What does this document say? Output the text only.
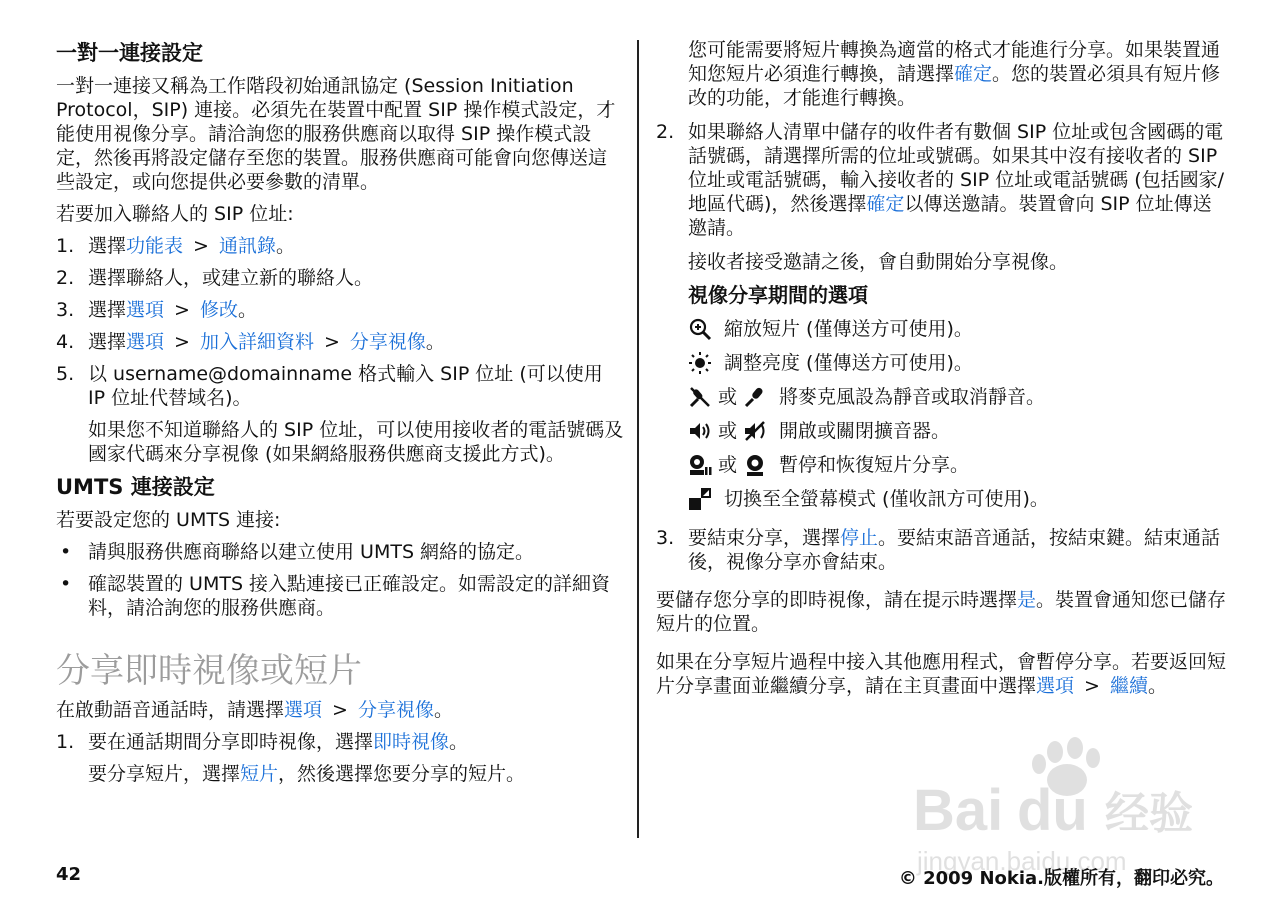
一對一連接設定

一對一連接又稱為工作階段初始通訊協定 (Session Initiation Protocol，SIP) 連接。必須先在裝置中配置 SIP 操作模式設定，才能使用視像分享。請洽詢您的服務供應商以取得 SIP 操作模式設定，然後再將設定儲存至您的裝置。服務供應商可能會向您傳送這些設定，或向您提供必要參數的清單。

若要加入聯絡人的 SIP 位址:

1. 選擇功能表 > 通訊錄。
2. 選擇聯絡人，或建立新的聯絡人。
3. 選擇選項 > 修改。
4. 選擇選項 > 加入詳細資料 > 分享視像。
5. 以 username@domainname 格式輸入 SIP 位址 (可以使用 IP 位址代替域名)。
如果您不知道聯絡人的 SIP 位址，可以使用接收者的電話號碼及國家代碼來分享視像 (如果網絡服務供應商支援此方式)。
UMTS 連接設定

若要設定您的 UMTS 連接:

• 請與服務供應商聯絡以建立使用 UMTS 網絡的協定。
• 確認裝置的 UMTS 接入點連接已正確設定。如需設定的詳細資料，請洽詢您的服務供應商。
分享即時視像或短片

在啟動語音通話時，請選擇選項 > 分享視像。

1. 要在通話期間分享即時視像，選擇即時視像。
要分享短片，選擇短片，然後選擇您要分享的短片。

您可能需要將短片轉換為適當的格式才能進行分享。如果裝置通知您短片必須進行轉換，請選擇確定。您的裝置必須具有短片修改的功能，才能進行轉換。

2. 如果聯絡人清單中儲存的收件者有數個 SIP 位址或包含國碼的電話號碼，請選擇所需的位址或號碼。如果其中沒有接收者的 SIP 位址或電話號碼，輸入接收者的 SIP 位址或電話號碼 (包括國家/地區代碼)，然後選擇確定以傳送邀請。裝置會向 SIP 位址傳送邀請。
接收者接受邀請之後，會自動開始分享視像。
視像分享期間的選項
縮放短片 (僅傳送方可使用)。
調整亮度 (僅傳送方可使用)。
或 將麥克風設為靜音或取消靜音。
或 開啟或關閉擴音器。
或 暫停和恢復短片分享。
切換至全螢幕模式 (僅收訊方可使用)。
3. 要結束分享，選擇停止。要結束語音通話，按結束鍵。結束通話後，視像分享亦會結束。

要儲存您分享的即時視像，請在提示時選擇是。裝置會通知您已儲存短片的位置。

如果在分享短片過程中接入其他應用程式，會暫停分享。若要返回短片分享畫面並繼續分享，請在主頁畫面中選擇選項 > 繼續。

Bai du 经验
jingyan.baidu.com
42	© 2009 Nokia.版權所有，翻印必究。
